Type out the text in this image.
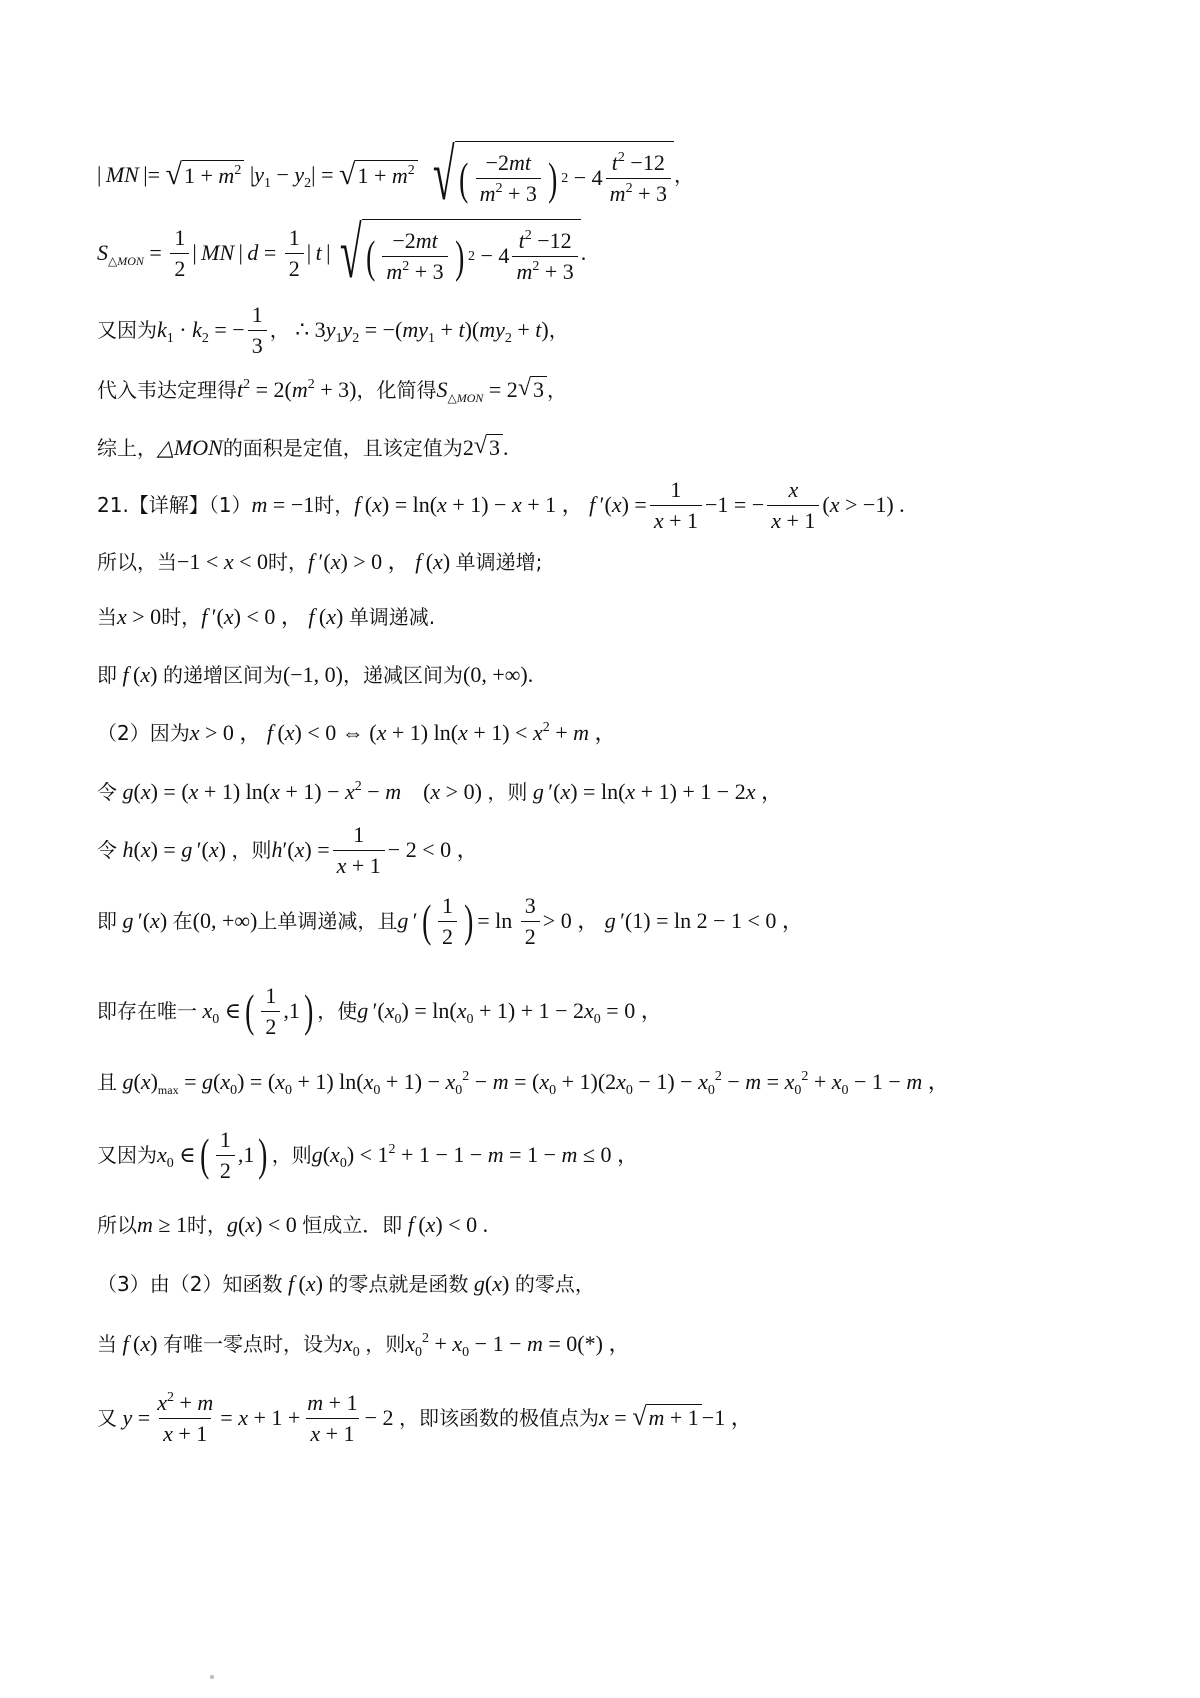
| MN |= √ $1 + m^2$ $|y_1 - y_2|$ = √ $1 + m^2$ √ ( $\frac{-2mt}{m^2 + 3}$ ) $2 - 4 \frac{t^2 -12}{m^2 + 3}$ ，
$S_{\triangle MON} = \frac{1}{2}$ | MN | $d = \frac{1}{2}$ | t | √ ( $\frac{-2mt}{m^2 + 3}$ ) $2 - 4 \frac{t^2 -12}{m^2 + 3}$ .
又因为 $k_1 \cdot k_2$ = − $\frac{1}{3}$ ， ∴ $3y_1y_2 = -(my_1 + t)(my_2 + t)$ ，
代入韦达定理得 $t^2 = 2(m^2 + 3)$ ，化简得 $S_{\triangle MON} = 2$ √ 3 ，
综上， △MON 的面积是定值，且该定值为 2 √ 3 .
21.【详解】（1） m = −1 时， f (x) = ln(x + 1) − x + 1 ， f $'(x) = \frac{1}{x + 1} -1$ = − $\frac{x}{x + 1} (x > -1)$ .
所以，当 −1 < x < 0 时， f ′(x) > 0 ， f (x) 单调递增;
当 x > 0 时， f ′(x) < 0 ， f (x) 单调递减.
即 f (x) 的递增区间为 (−1, 0) ，递减区间为 (0, +∞) .
（2）因为 x > 0 ， f (x) < 0 ⇔ (x + 1) $\ln(x + 1) < x^2 + m$ ，
令 g(x) = (x + 1) $\ln(x + 1) - x^2 - m$    (x > 0) ，则 g ′(x) = ln(x + 1) + 1 − 2x ，
令 h(x) = g ′(x) ，则 $h'(x) = \frac{1}{x + 1} - 2 < 0$ ，
即 g ′(x) 在 (0, +∞) 上单调递减，且 g ′ ( $\frac{1}{2}$ ) = $\ln \frac{3}{2} > 0$ ， g ′(1) = ln 2 − 1 < 0 ，
即存在唯一 $x_0$ ∈ ( $\frac{1}{2} ,1$ ) ，使 g $'(x_0) = \ln(x_0 + 1) + 1 - 2x_0 = 0$ ，
且 $g(x)_{max} = g(x_0) = (x_0 + 1) \ln(x_0 + 1) - x_0^2 - m = (x_0 + 1)(2x_0 - 1) - x_0^2 - m = x_0^2 + x_0 - 1 - m$ ，
又因为 $x_0$ ∈ ( $\frac{1}{2} ,1$ ) ，则 $g(x_0) < 1^2 + 1 - 1 - m = 1 - m \le 0$ ，
所以 m ≥ 1 时， g(x) < 0 恒成立．即 f (x) < 0 .
（3）由（2）知函数 f (x) 的零点就是函数 g(x) 的零点，
当 f (x) 有唯一零点时，设为 $x_0$ ，则 $x_0^2 + x_0 - 1 - m = 0(*)$ ，
又 $y = \frac{x^2 + m}{x + 1} = x + 1 + \frac{m + 1}{x + 1} - 2$ ，即该函数的极值点为 x = √ m + 1 −1 ，
